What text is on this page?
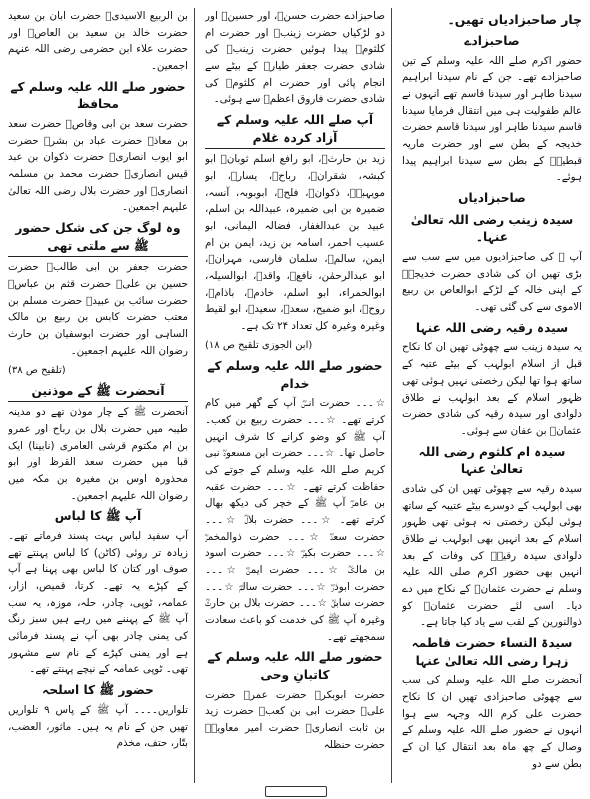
چار صاحبزادیاں تھیں۔

صاحبزادے

حضور اکرم صلے اللہ علیہ وسلم کے تین صاحبزادے تھے۔ جن کے نام سیدنا ابراہیم سیدنا طاہر اور سیدنا قاسم تھے انہوں نے عالم طفولیت ہی میں انتقال فرمایا سیدنا قاسم سیدنا طاہر اور سیدنا قاسم حضرت خدیجہ کے بطن سے اور حضرت ماریہ قبطیہؓ کے بطن سے سیدنا ابراہیم پیدا ہوئے۔

صاحبزادیاں
سیدہ زینب رضی اللہ تعالیٰ عنہا۔

آپ ﷺ کی صاحبزادیوں میں سے سب سے بڑی تھیں ان کی شادی حضرت خدیجہؓ کے اپنی خالہ کے لڑکے ابوالعاص بن ربیع الاموی سے کی گئی تھی۔

سیدہ رقیہ رضی اللہ عنہا

یہ سیدہ زینب سے چھوٹی تھیں ان کا نکاح قبل از اسلام ابولہب کے بیٹے عتبہ کے ساتھ ہوا تھا لیکن رخصتی نہیں ہوئی تھی ظہور اسلام کے بعد ابولہب نے طلاق دلوادی اور سیدہ رقیہ کی شادی حضرت عثمانؓ بن عفان سے ہوئی۔

سیدہ ام کلثوم رضی اللہ تعالیٰ عنہا

سیدہ رقیہ سے چھوٹی تھیں ان کی شادی بھی ابولہب کے دوسرے بیٹے عتیبہ کے ساتھ ہوئی لیکن رخصتی نہ ہوئی تھی ظہور اسلام کے بعد انہیں بھی ابولہب نے طلاق دلوادی سیدہ رقیہؓ کی وفات کے بعد انہیں بھی حضور اکرم صلی اللہ علیہ وسلم نے حضرت عثمانؓ کے نکاح میں دے دیا۔ اسی لئے حضرت عثمانؓ کو ذوالنورین کے لقب سے یاد کیا جاتا ہے۔

سیدۃ النساء حضرت فاطمہ زہرا رضی اللہ تعالیٰ عنہا

آنحضرت صلے اللہ علیہ وسلم کی سب سے چھوٹی صاحبزادی تھیں ان کا نکاح حضرت علی کرم اللہ وجہہ سے ہوا انہوں نے حضور صلے اللہ علیہ وسلم کے وصال کے چھ ماہ بعد انتقال کیا ان کے بطن سے دو

صاحبزادے حضرت حسنؓ، اور حسینؓ اور دو لڑکیاں حضرت زینبؓ اور حضرت ام کلثومؓ پیدا ہوئیں حضرت زینبؓ کی شادی حضرت جعفر طیارؓ کے بیٹے سے انجام پائی اور حضرت ام کلثومؓ کی شادی حضرت فاروق اعظمؓ سے ہوئی۔

آپ صلے اللہ علیہ وسلم کے آزاد کردہ غلام

زید بن حارثؓ، ابو رافع اسلم ثوبانؓ ابو کبشہ، شقرانؓ، رباحؓ، یسارؓ، ابو مویہبہؓ، ذکوانؓ، فلحؓ، ابوبوبہ، آنسہ، ضمیرہ بن ابی ضمیرہ، عبیداللہ بن اسلم، عبید بن عبدالغفار، فضالہ الیمانی، ابو عسیب احمر، اسامہ بن زید، ایمن بن ام ایمن، سالمؓ، سلمان فارسی، مہرانؓ، ابو عبدالرحمٰن، نافعؓ، واقدؓ، ابوالسیلہ، ابوالحمراء، ابو اسلم، خادمؓ، باذامؓ، روحؓ، ابو ضمیح، سعدؓ، سعیدؓ، ابو لقیط وغیرہ وغیرہ کل تعداد ۲۴ تک ہے۔

(ابن الجوزی تلقیح ص ۱۸)

حضور صلے اللہ علیہ وسلم کے خدام

☆۔۔۔ حضرت انسؓ آپ کے گھر میں کام کرتے تھے۔ ☆۔۔۔ حضرت ربیع بن کعب۔ آپ ﷺ کو وضو کرانے کا شرف انہیں حاصل تھا۔ ☆۔۔۔ حضرت ابن مسعودؓ نبی کریم صلے اللہ علیہ وسلم کے جوتے کی حفاظت کرتے تھے۔ ☆۔۔۔ حضرت عقبہ بن عامرؓ آپ ﷺ کے خچر کی دیکھ بھال کرتے تھے۔ ☆۔۔۔ حضرت بلالؓ ☆۔۔۔ حضرت سعدؓ ☆۔۔۔ حضرت ذوالمخمرؓ ☆۔۔۔ حضرت بکیرؓ ☆۔۔۔ حضرت اسود بن مالکؓ ☆۔۔۔ حضرت ایمنؓ ☆۔۔۔ حضرت ابوذرؓ ☆۔۔۔ حضرت سالمؓ ☆۔۔۔ حضرت سابقؓ ☆۔۔۔ حضرت بلال بن حارثؓ وغیرہ آپ ﷺ کی خدمت کو باعث سعادت سمجھتے تھے۔

حضور صلے اللہ علیہ وسلم کے کاتبانِ وحی

حضرت ابوبکرؓ حضرت عمرؓ حضرت علیؓ حضرت ابی بن کعبؓ حضرت زید بن ثابت انصاریؓ حضرت امیر معاویہؓ حضرت حنظلہ

بن الربیع الاسیدیؓ حضرت ابان بن سعید حضرت خالد بن سعید بن العاصؓ اور حضرت علاء ابن حضرمی رضی اللہ عنہم اجمعین۔

حضور صلے اللہ علیہ وسلم کے محافظ

حضرت سعد بن ابی وقاصؓ حضرت سعد بن معاذؓ حضرت عباد بن بشرؓ حضرت ابو ایوب انصاریؓ حضرت ذکوان بن عبد قیس انصاریؓ حضرت محمد بن مسلمہ انصاریؓ اور حضرت بلال رضی اللہ تعالیٰ علیہم اجمعین۔

وہ لوگ جن کی شکل حضور ﷺ سے ملتی تھی

حضرت جعفر بن ابی طالبؓ حضرت حسین بن علیؓ حضرت قثم بن عباسؓ حضرت سائب بن عبیدؓ حضرت مسلم بن معتب حضرت کابس بن ربیع بن مالک الساہی اور حضرت ابوسفیان بن حارث رضوان اللہ علیہم اجمعین۔

(تلقیح ص ۳۸)

آنحضرت ﷺ کے موذنین

آنحضرت ﷺ کے چار موذن تھے دو مدینہ طیبہ میں حضرت بلال بن رباح اور عمرو بن ام مکتوم قرشی العامری (نابینا) ایک قبا میں حضرت سعد القرظ اور ابو محذورہ اوس بن مغیرہ بن مکہ میں رضوان اللہ علیہم اجمعین۔

آپ ﷺ کا لباس

آپ سفید لباس بہت پسند فرماتے تھے۔ زیادہ تر روئی (کاٹن) کا لباس پہنتے تھے صوف اور کتان کا لباس بھی پہنا ہے آپ کے کپڑے یہ تھے۔ کرتا، قمیص، ازار، عمامہ، ٹوپی، چادر، حلہ، موزہ، یہ سب آپ ﷺ کے پہننے میں رہے ہیں سبز رنگ کی یمنی چادر بھی آپ نے پسند فرمائی ہے اور یمنی کپڑے کے نام سے مشہور تھی۔ ٹوپی عمامہ کے نیچے پہنتے تھے۔

حضور ﷺ کا اسلحہ

تلواریں۔۔۔۔ آپ ﷺ کے پاس ۹ تلواریں تھیں جن کے نام یہ ہیں۔ ماثور، العضب، بتّار، حتف، مخذم
